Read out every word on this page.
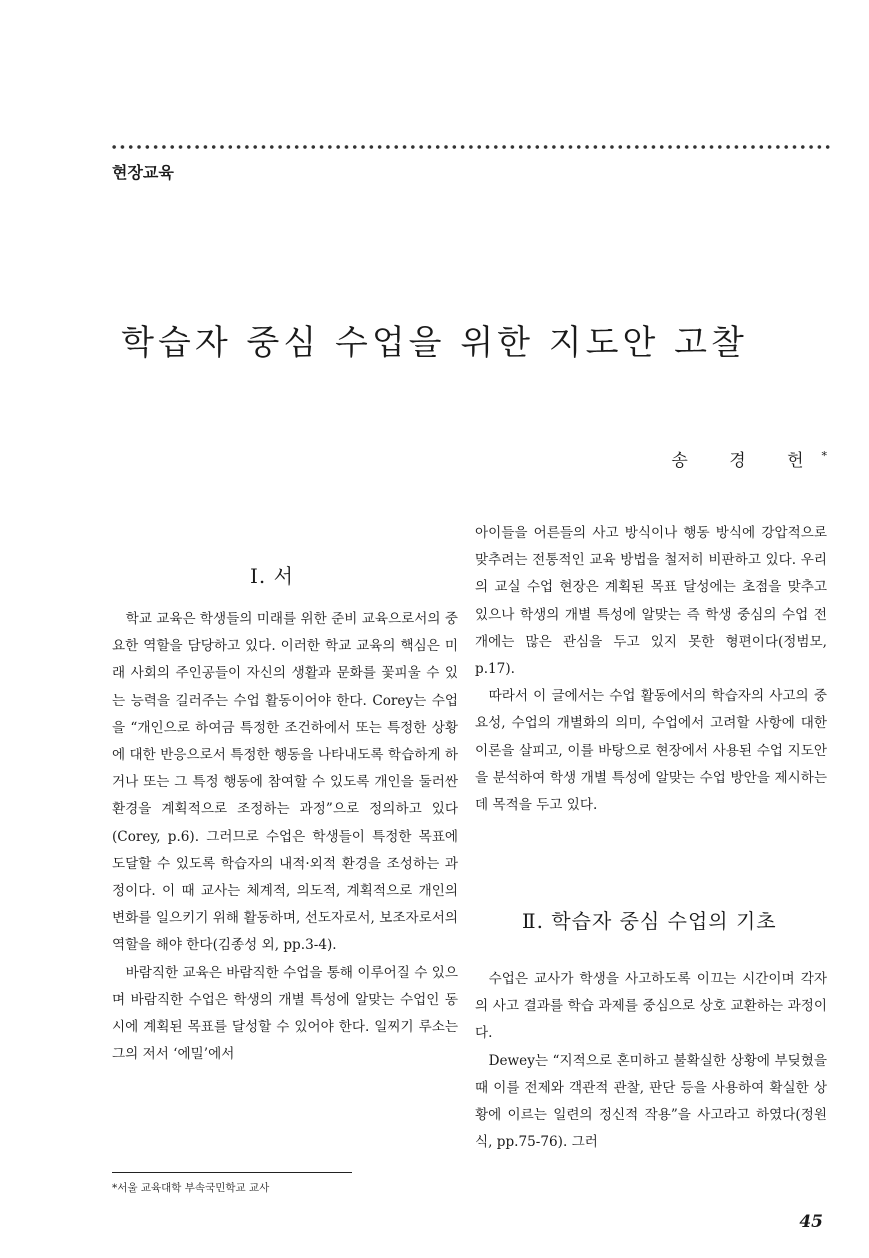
현장교육
학습자 중심 수업을 위한 지도안 고찰
송 경 헌*
Ⅰ. 서

학교 교육은 학생들의 미래를 위한 준비 교육으로서의 중요한 역할을 담당하고 있다. 이러한 학교 교육의 핵심은 미래 사회의 주인공들이 자신의 생활과 문화를 꽃피울 수 있는 능력을 길러주는 수업 활동이어야 한다. Corey는 수업을 “개인으로 하여금 특정한 조건하에서 또는 특정한 상황에 대한 반응으로서 특정한 행동을 나타내도록 학습하게 하거나 또는 그 특정 행동에 참여할 수 있도록 개인을 둘러싼 환경을 계획적으로 조정하는 과정”으로 정의하고 있다(Corey, p.6). 그러므로 수업은 학생들이 특정한 목표에 도달할 수 있도록 학습자의 내적·외적 환경을 조성하는 과정이다. 이 때 교사는 체계적, 의도적, 계획적으로 개인의 변화를 일으키기 위해 활동하며, 선도자로서, 보조자로서의 역할을 해야 한다(김종성 외, pp.3-4).

바람직한 교육은 바람직한 수업을 통해 이루어질 수 있으며 바람직한 수업은 학생의 개별 특성에 알맞는 수업인 동시에 계획된 목표를 달성할 수 있어야 한다. 일찌기 루소는 그의 저서 ‘에밀’에서

아이들을 어른들의 사고 방식이나 행동 방식에 강압적으로 맞추려는 전통적인 교육 방법을 철저히 비판하고 있다. 우리의 교실 수업 현장은 계획된 목표 달성에는 초점을 맞추고 있으나 학생의 개별 특성에 알맞는 즉 학생 중심의 수업 전개에는 많은 관심을 두고 있지 못한 형편이다(정범모, p.17).

따라서 이 글에서는 수업 활동에서의 학습자의 사고의 중요성, 수업의 개별화의 의미, 수업에서 고려할 사항에 대한 이론을 살피고, 이를 바탕으로 현장에서 사용된 수업 지도안을 분석하여 학생 개별 특성에 알맞는 수업 방안을 제시하는 데 목적을 두고 있다.

Ⅱ. 학습자 중심 수업의 기초

수업은 교사가 학생을 사고하도록 이끄는 시간이며 각자의 사고 결과를 학습 과제를 중심으로 상호 교환하는 과정이다.

Dewey는 “지적으로 혼미하고 불확실한 상황에 부딪혔을 때 이를 전제와 객관적 관찰, 판단 등을 사용하여 확실한 상황에 이르는 일련의 정신적 작용”을 사고라고 하였다(정원식, pp.75-76). 그러

*서울 교육대학 부속국민학교 교사
45
